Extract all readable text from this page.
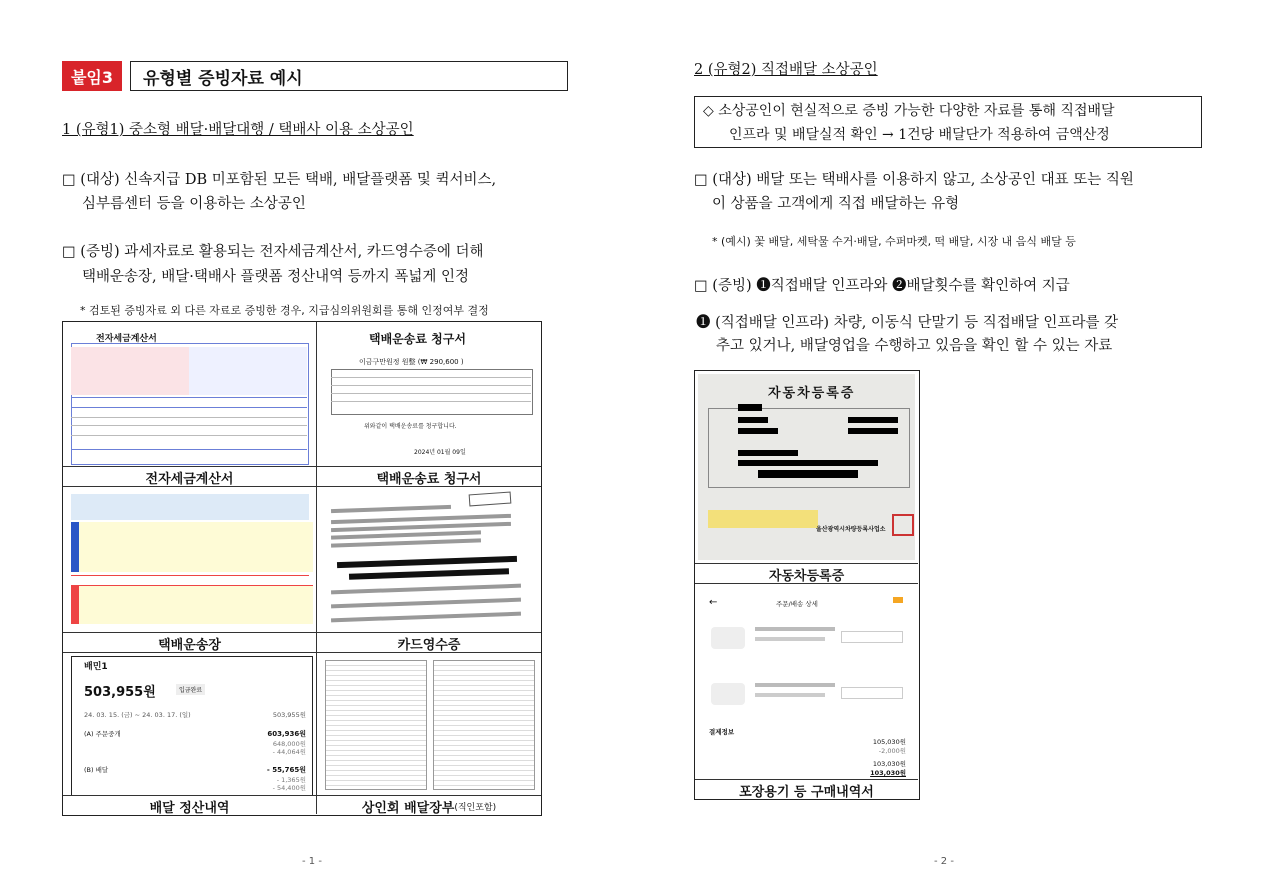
붙임3	유형별 증빙자료 예시
1 (유형1) 중소형 배달·배달대행 / 택배사 이용 소상공인
□ (대상) 신속지급 DB 미포함된 모든 택배, 배달플랫폼 및 퀵서비스,
심부름센터 등을 이용하는 소상공인
□ (증빙) 과세자료로 활용되는 전자세금계산서, 카드영수증에 더해
택배운송장, 배달·택배사 플랫폼 정산내역 등까지 폭넓게 인정
* 검토된 증빙자료 외 다른 자료로 증빙한 경우, 지급심의위원회를 통해 인정여부 결정
전자세금계산서	택배운송료 청구서
이금구만원정 원整 (₩ 290,600 )
위와같이 택배운송료를 청구합니다.
2024년 01월 09일
전자세금계산서	택배운송료 청구서
택배운송장	카드영수증
배민1
503,955원	입금완료
24. 03. 15. (금) ~ 24. 03. 17. (일)	503,955원
(A) 주문중개	603,936원
648,000원
- 44,064원
(B) 배달	- 55,765원
- 1,365원
- 54,400원
배달 정산내역	상인회 배달장부 (직인포함)
- 1 -
2 (유형2) 직접배달 소상공인
◇ 소상공인이 현실적으로 증빙 가능한 다양한 자료를 통해 직접배달
인프라 및 배달실적 확인 → 1건당 배달단가 적용하여 금액산정
□ (대상) 배달 또는 택배사를 이용하지 않고, 소상공인 대표 또는 직원
이 상품을 고객에게 직접 배달하는 유형
* (예시) 꽃 배달, 세탁물 수거·배달, 수퍼마켓, 떡 배달, 시장 내 음식 배달 등
□ (증빙) ❶직접배달 인프라와 ❷배달횟수를 확인하여 지급
❶ (직접배달 인프라) 차량, 이동식 단말기 등 직접배달 인프라를 갖
추고 있거나, 배달영업을 수행하고 있음을 확인 할 수 있는 자료
자동차등록증
울산광역시차량등록사업소
자동차등록증
←	주문/배송 상세
결제정보
105,030원
-2,000원
103,030원
103,030원
포장용기 등 구매내역서
- 2 -
